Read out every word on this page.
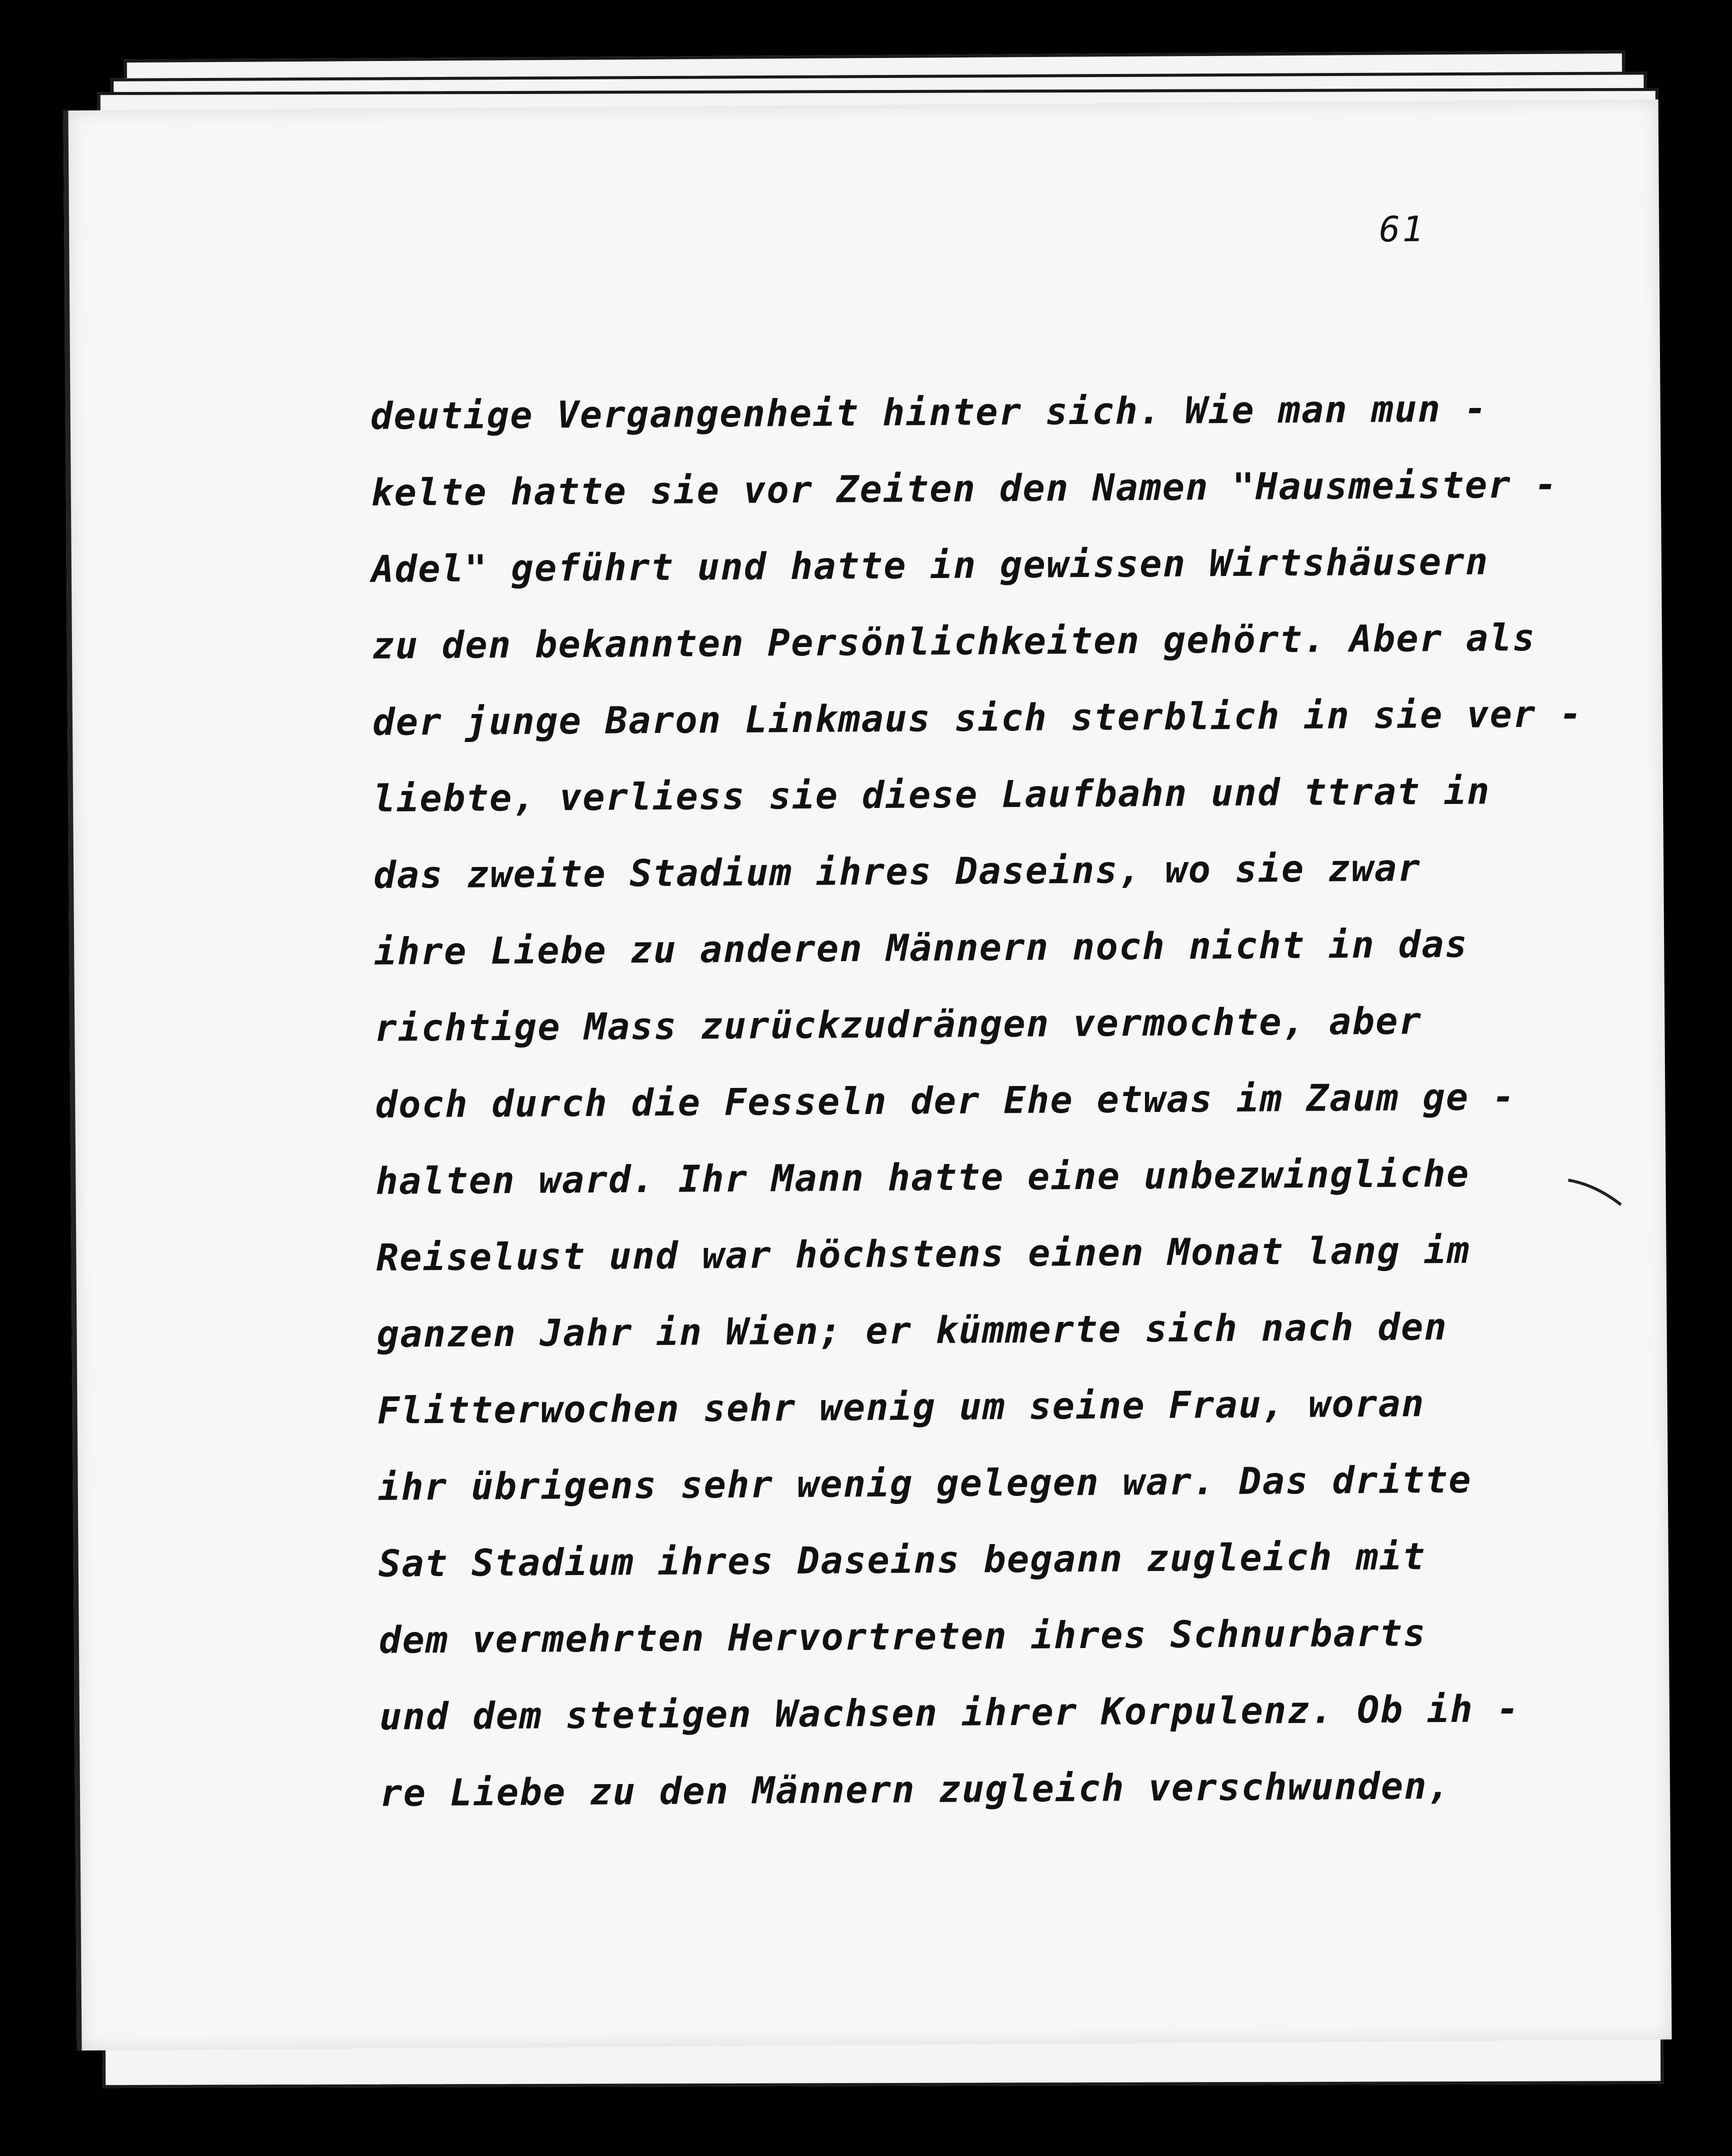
61
deutige Vergangenheit hinter sich. Wie man mun -
kelte hatte sie vor Zeiten den Namen "Hausmeister -
Adel" geführt und hatte in gewissen Wirtshäusern
zu den bekannten Persönlichkeiten gehört. Aber als
der junge Baron Linkmaus sich sterblich in sie ver -
liebte, verliess sie diese Laufbahn und ttrat in
das zweite Stadium ihres Daseins, wo sie zwar
ihre Liebe zu anderen Männern noch nicht in das
richtige Mass zurückzudrängen vermochte, aber
doch durch die Fesseln der Ehe etwas im Zaum ge -
halten ward. Ihr Mann hatte eine unbezwingliche
Reiselust und war höchstens einen Monat lang im
ganzen Jahr in Wien; er kümmerte sich nach den
Flitterwochen sehr wenig um seine Frau, woran
ihr übrigens sehr wenig gelegen war. Das dritte
Sat Stadium ihres Daseins begann zugleich mit
dem vermehrten Hervortreten ihres Schnurbarts
und dem stetigen Wachsen ihrer Korpulenz. Ob ih -
re Liebe zu den Männern zugleich verschwunden,
